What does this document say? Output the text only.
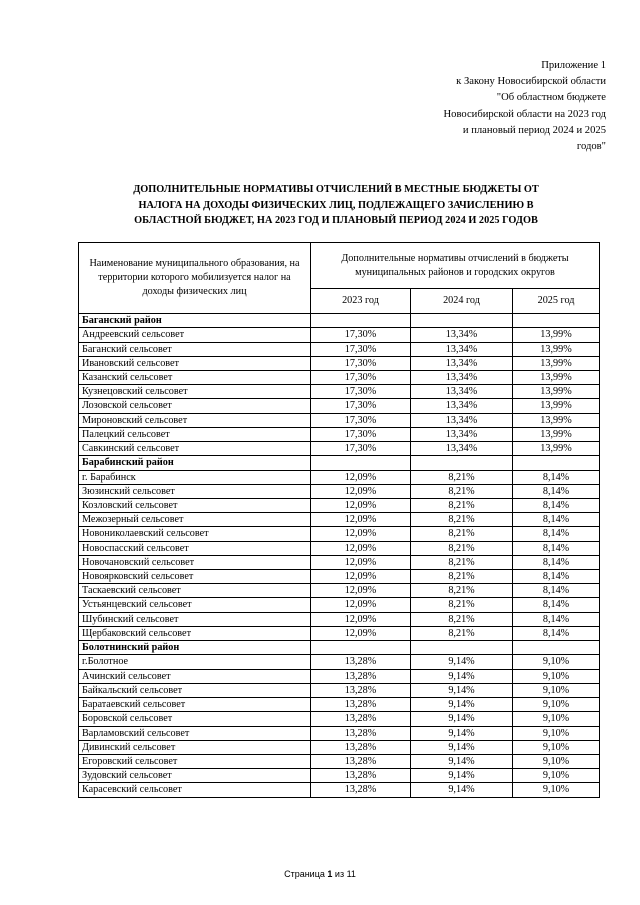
Приложение 1
к Закону Новосибирской области
"Об областном бюджете
Новосибирской области на 2023 год
и плановый период 2024 и 2025
годов"
ДОПОЛНИТЕЛЬНЫЕ НОРМАТИВЫ ОТЧИСЛЕНИЙ В МЕСТНЫЕ БЮДЖЕТЫ ОТ
НАЛОГА НА ДОХОДЫ ФИЗИЧЕСКИХ ЛИЦ, ПОДЛЕЖАЩЕГО ЗАЧИСЛЕНИЮ В
ОБЛАСТНОЙ БЮДЖЕТ, НА 2023 ГОД И ПЛАНОВЫЙ ПЕРИОД 2024 И 2025 ГОДОВ
Наименование муниципального образования, на территории которого мобилизуется налог на доходы физических лиц	Дополнительные нормативы отчислений в бюджеты муниципальных районов и городских округов		
	2023 год	2024 год	2025 год
Баганский район			
Андреевский сельсовет	17,30%	13,34%	13,99%
Баганский сельсовет	17,30%	13,34%	13,99%
Ивановский сельсовет	17,30%	13,34%	13,99%
Казанский сельсовет	17,30%	13,34%	13,99%
Кузнецовский сельсовет	17,30%	13,34%	13,99%
Лозовской сельсовет	17,30%	13,34%	13,99%
Мироновский сельсовет	17,30%	13,34%	13,99%
Палецкий сельсовет	17,30%	13,34%	13,99%
Савкинский сельсовет	17,30%	13,34%	13,99%
Барабинский район			
г. Барабинск	12,09%	8,21%	8,14%
Зюзинский сельсовет	12,09%	8,21%	8,14%
Козловский сельсовет	12,09%	8,21%	8,14%
Межозерный сельсовет	12,09%	8,21%	8,14%
Новониколаевский сельсовет	12,09%	8,21%	8,14%
Новоспасский сельсовет	12,09%	8,21%	8,14%
Новочановский сельсовет	12,09%	8,21%	8,14%
Новоярковский сельсовет	12,09%	8,21%	8,14%
Таскаевский сельсовет	12,09%	8,21%	8,14%
Устьянцевский сельсовет	12,09%	8,21%	8,14%
Шубинский сельсовет	12,09%	8,21%	8,14%
Щербаковский сельсовет	12,09%	8,21%	8,14%
Болотнинский район			
г.Болотное	13,28%	9,14%	9,10%
Ачинский сельсовет	13,28%	9,14%	9,10%
Байкальский сельсовет	13,28%	9,14%	9,10%
Баратаевский сельсовет	13,28%	9,14%	9,10%
Боровской сельсовет	13,28%	9,14%	9,10%
Варламовский сельсовет	13,28%	9,14%	9,10%
Дивинский сельсовет	13,28%	9,14%	9,10%
Егоровский сельсовет	13,28%	9,14%	9,10%
Зудовский сельсовет	13,28%	9,14%	9,10%
Карасевский сельсовет	13,28%	9,14%	9,10%
Страница 1 из 11
